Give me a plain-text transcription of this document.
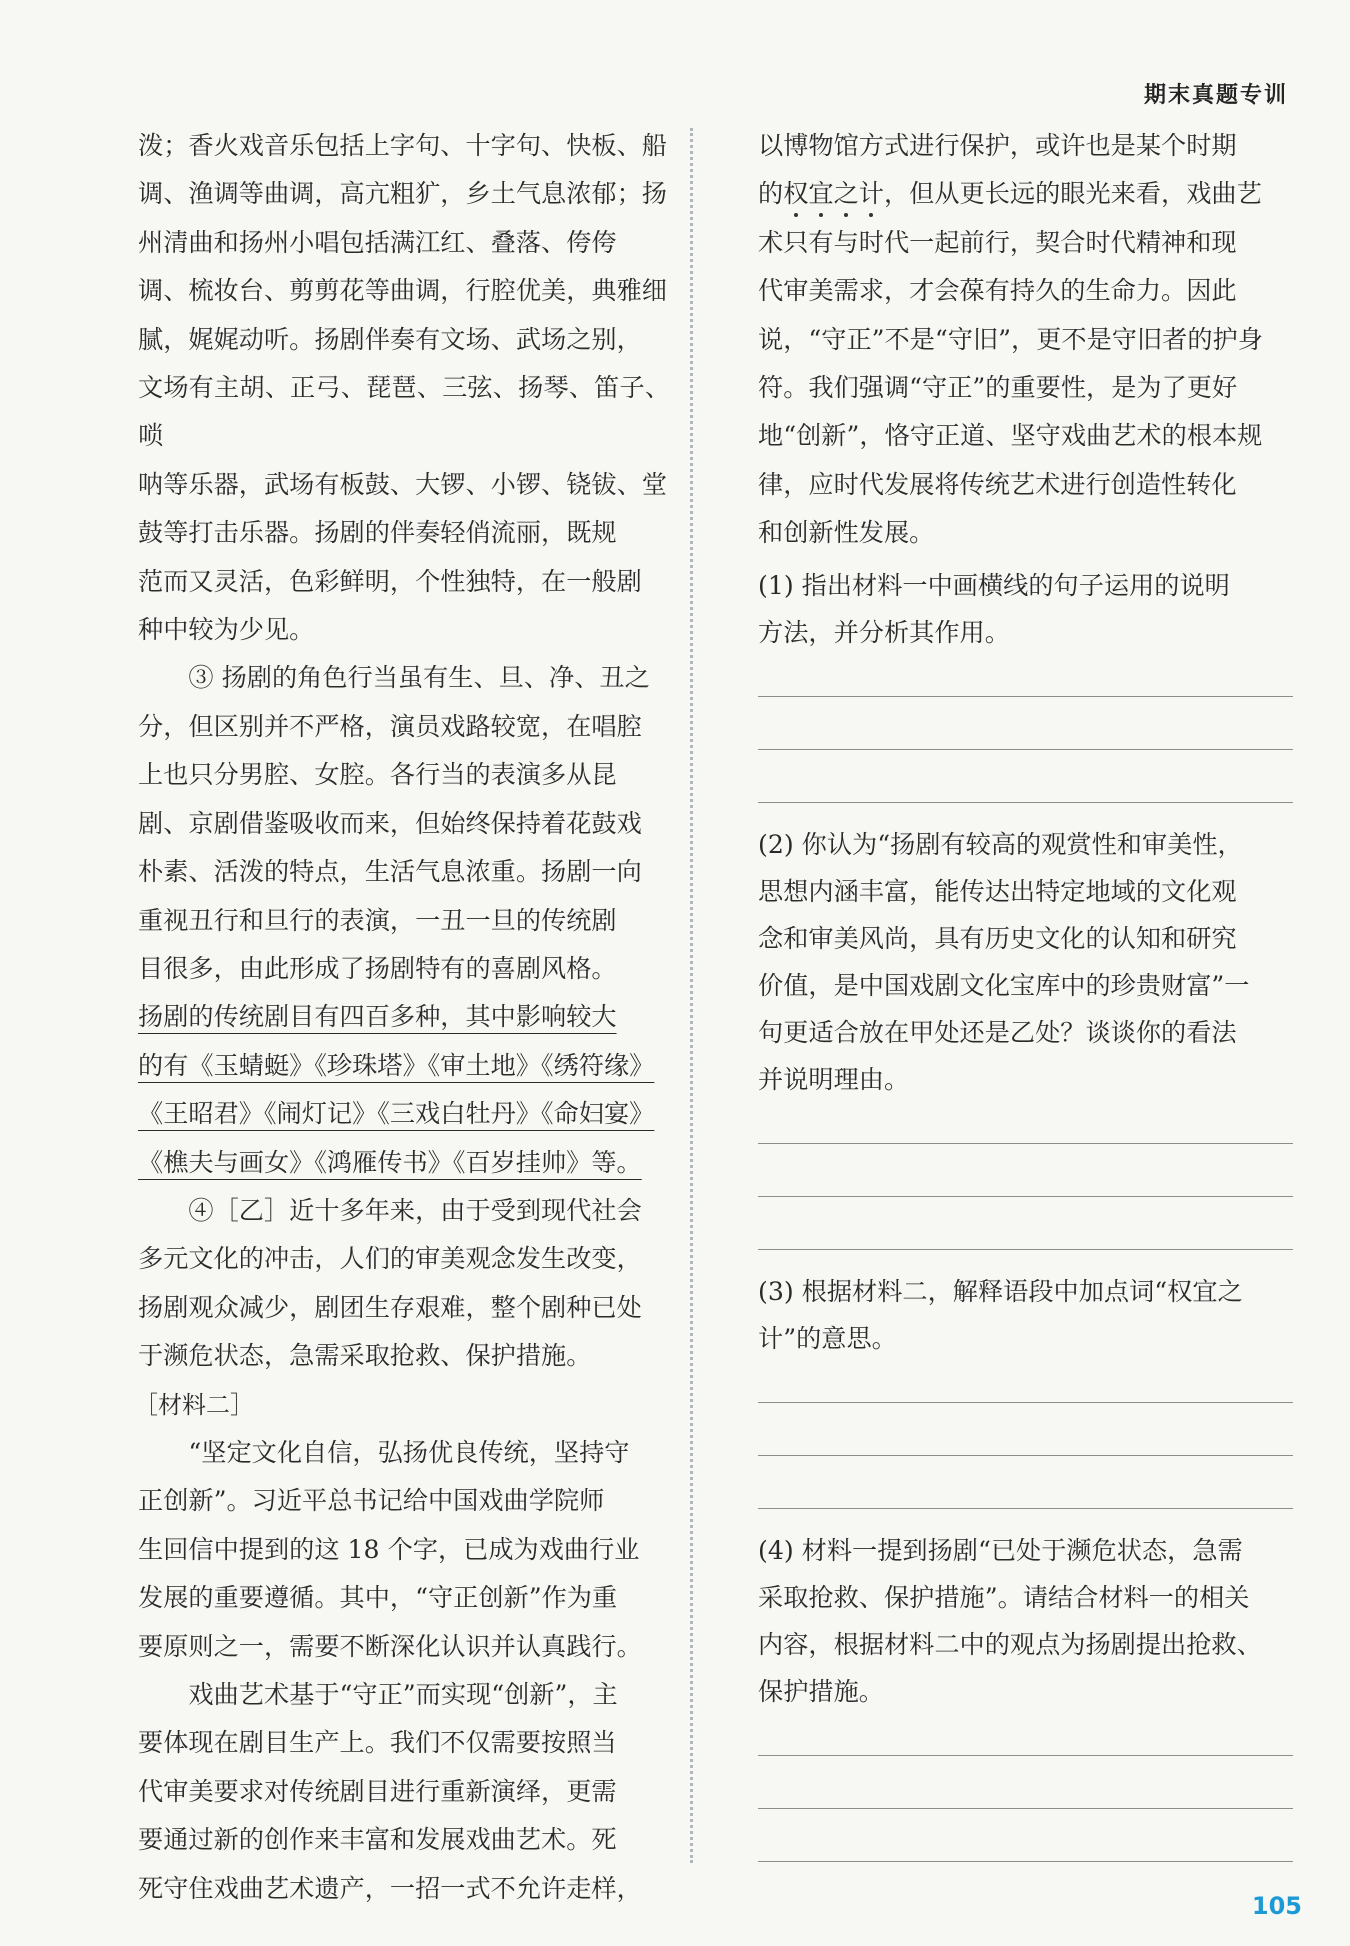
期末真题专训
泼；香火戏音乐包括上字句、十字句、快板、船
调、渔调等曲调，高亢粗犷，乡土气息浓郁；扬
州清曲和扬州小唱包括满江红、叠落、侉侉
调、梳妆台、剪剪花等曲调，行腔优美，典雅细
腻，娓娓动听。扬剧伴奏有文场、武场之别，
文场有主胡、正弓、琵琶、三弦、扬琴、笛子、唢
呐等乐器，武场有板鼓、大锣、小锣、铙钹、堂
鼓等打击乐器。扬剧的伴奏轻俏流丽，既规
范而又灵活，色彩鲜明，个性独特，在一般剧
种中较为少见。
③ 扬剧的角色行当虽有生、旦、净、丑之
分，但区别并不严格，演员戏路较宽，在唱腔
上也只分男腔、女腔。各行当的表演多从昆
剧、京剧借鉴吸收而来，但始终保持着花鼓戏
朴素、活泼的特点，生活气息浓重。扬剧一向
重视丑行和旦行的表演，一丑一旦的传统剧
目很多，由此形成了扬剧特有的喜剧风格。
扬剧的传统剧目有四百多种，其中影响较大
的有《玉蜻蜓》《珍珠塔》《审土地》《绣符缘》
《王昭君》《闹灯记》《三戏白牡丹》《命妇宴》
《樵夫与画女》《鸿雁传书》《百岁挂帅》等。
④［乙］近十多年来，由于受到现代社会
多元文化的冲击，人们的审美观念发生改变，
扬剧观众减少，剧团生存艰难，整个剧种已处
于濒危状态，急需采取抢救、保护措施。
［材料二］
“坚定文化自信，弘扬优良传统，坚持守
正创新”。习近平总书记给中国戏曲学院师
生回信中提到的这 18 个字，已成为戏曲行业
发展的重要遵循。其中，“守正创新”作为重
要原则之一，需要不断深化认识并认真践行。
戏曲艺术基于“守正”而实现“创新”，主
要体现在剧目生产上。我们不仅需要按照当
代审美要求对传统剧目进行重新演绎，更需
要通过新的创作来丰富和发展戏曲艺术。死
死守住戏曲艺术遗产，一招一式不允许走样，
以博物馆方式进行保护，或许也是某个时期
的权宜之计，但从更长远的眼光来看，戏曲艺
术只有与时代一起前行，契合时代精神和现
代审美需求，才会葆有持久的生命力。因此
说，“守正”不是“守旧”，更不是守旧者的护身
符。我们强调“守正”的重要性，是为了更好
地“创新”，恪守正道、坚守戏曲艺术的根本规
律，应时代发展将传统艺术进行创造性转化
和创新性发展。
(1) 指出材料一中画横线的句子运用的说明
方法，并分析其作用。
(2) 你认为“扬剧有较高的观赏性和审美性，
思想内涵丰富，能传达出特定地域的文化观
念和审美风尚，具有历史文化的认知和研究
价值，是中国戏剧文化宝库中的珍贵财富”一
句更适合放在甲处还是乙处？谈谈你的看法
并说明理由。
(3) 根据材料二，解释语段中加点词“权宜之
计”的意思。
(4) 材料一提到扬剧“已处于濒危状态，急需
采取抢救、保护措施”。请结合材料一的相关
内容，根据材料二中的观点为扬剧提出抢救、
保护措施。
105
